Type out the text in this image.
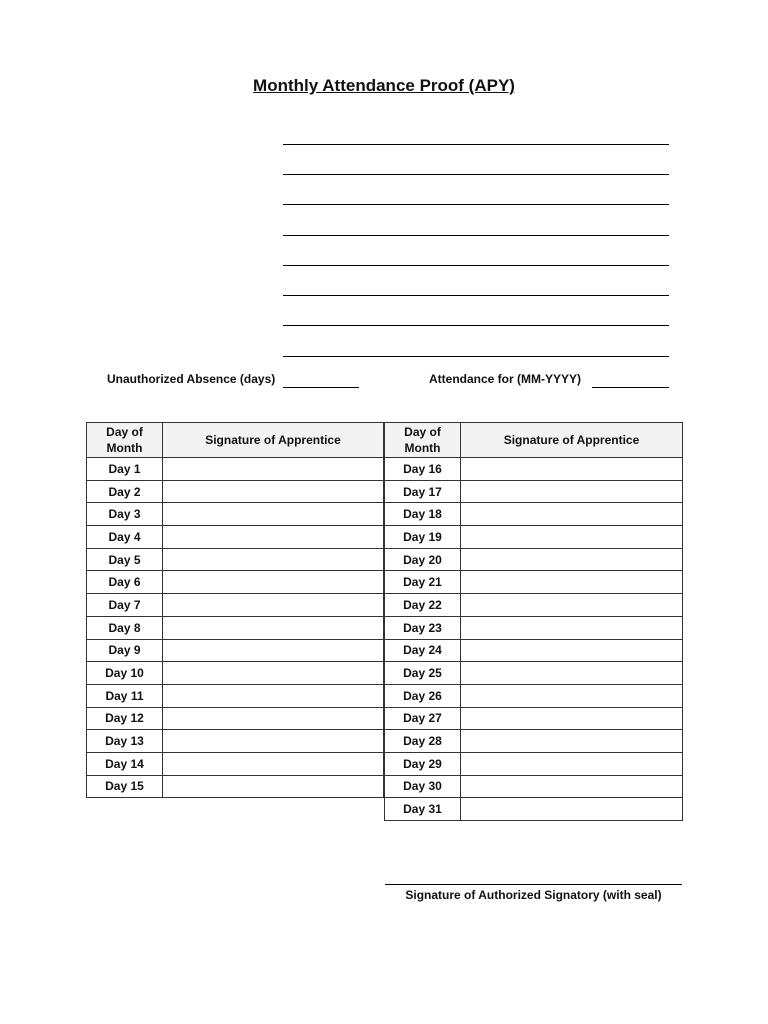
Monthly Attendance Proof (APY)
Unauthorized Absence (days)	Attendance for (MM-YYYY)
Day of
Month	Signature of Apprentice
Day 1	
Day 2	
Day 3	
Day 4	
Day 5	
Day 6	
Day 7	
Day 8	
Day 9	
Day 10	
Day 11	
Day 12	
Day 13	
Day 14	
Day 15	
Day of
Month	Signature of Apprentice
Day 16	
Day 17	
Day 18	
Day 19	
Day 20	
Day 21	
Day 22	
Day 23	
Day 24	
Day 25	
Day 26	
Day 27	
Day 28	
Day 29	
Day 30	
Day 31	
Signature of Authorized Signatory (with seal)
